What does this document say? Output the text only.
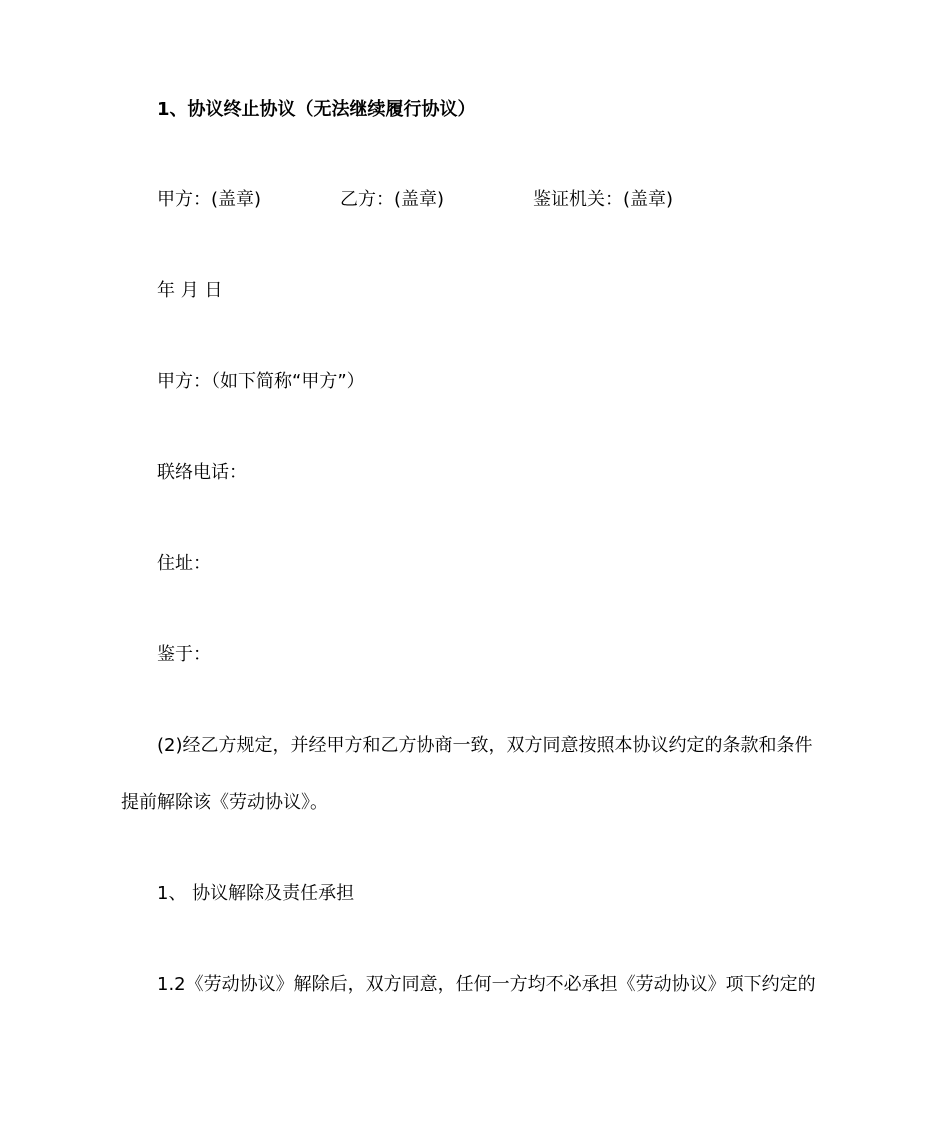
1、协议终止协议（无法继续履行协议）
甲方：(盖章)	乙方：(盖章)	鉴证机关：(盖章)
年 月 日
甲方：（如下简称“甲方”）
联络电话：
住址：
鉴于：
(2)经乙方规定，并经甲方和乙方协商一致，双方同意按照本协议约定的条款和条件
提前解除该《劳动协议》。
1、 协议解除及责任承担
1.2《劳动协议》解除后，双方同意，任何一方均不必承担《劳动协议》项下约定的
